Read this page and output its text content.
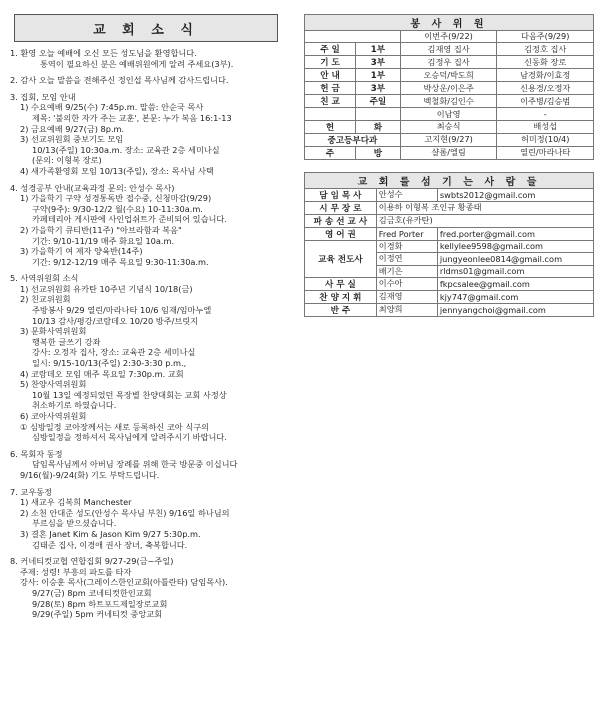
교 회 소 식
1. 환영 오늘 예배에 오신 모든 성도님을 환영합니다.
통역이 필요하신 분은 예배위원에게 알려 주세요(3부).
2. 감사 오늘 말씀을 전해주신 정인섭 목사님께 감사드립니다.
3. 집회, 모임 안내
1) 수요예배 9/25(수) 7:45p.m. 말씀: 안순국 목사
제목: '불의한 자가 주는 교훈', 본문: 누가 복음 16:1-13
2) 금요예배 9/27(금) 8p.m.
3) 선교위원회 중보기도 모임
10/13(주일) 10:30a.m. 장소: 교육관 2층 세미나실
(문의: 이형복 장로)
4) 새가족환영회 모임 10/13(주일), 장소: 목사님 사택
4. 성경공부 안내(교육과정 문의: 안성수 목사)
1) 가을학기 구약 성경통독반 접수중, 신청마감(9/29)
구약(9주): 9/30-12/2 월(수요) 10-11:30a.m.
카페테리아 게시판에 사인업쉬트가 준비되어 있습니다.
2) 가을학기 큐티반(11주) "아브라함과 복음"
기간: 9/10-11/19 매주 화요일 10a.m.
3) 가을학기 여 제자 양육반(14주)
기간: 9/12-12/19 매주 목요일 9:30-11:30a.m.
5. 사역위원회 소식
1) 선교위원회 유카탄 10주년 기념식 10/18(금)
2) 친교위원회
주방봉사 9/29 열린/마라나타 10/6 임재/임마누엘
10/13 감사/평강/코람데오 10/20 방주/브릿지
3) 문화사역위원회
행복한 글쓰기 강좌
강사: 오정자 집사, 장소: 교육관 2층 세미나실
일시: 9/15-10/13(주일) 2:30-3:30 p.m.,
4) 코람데오 모임 매주 목요일 7:30p.m. 교회
5) 찬양사역위원회
10월 13일 예정되었던 목장별 찬양대회는 교회 사정상
취소하기로 하였습니다.
6) 코아사역위원회
① 심방일정 코아장께서는 새로 등록하신 코아 식구의
심방일정을 정하셔서 목사님에게 알려주시기 바랍니다.
6. 목회자 동정
담임목사님께서 아버님 장례를 위해 한국 방문중 이십니다
9/16(월)-9/24(화) 기도 부탁드립니다.
7. 교우동정
1) 새교우 김복희 Manchester
2) 소천 안대준 성도(안성수 목사님 부친) 9/16일 하나님의
부르심을 받으셨습니다.
3) 결혼 Janet Kim & Jason Kim 9/27 5:30p.m.
김태준 집사, 이경애 권사 장녀, 축복합니다.
8. 커네티컷교협 연합집회 9/27-29(금~주일)
주제: 성령! 부흥의 파도를 타자
강사: 이승훈 목사(그레이스한인교회(아틀란타) 담임목사).
9/27(금) 8pm 코네티컷한인교회
9/28(토) 8pm 하트포드제일장로교회
9/29(주일) 5pm 커네티컷 중앙교회
봉 사 위 원			
		이번주(9/22)	다음주(9/29)
주 일	1부	김재영 집사	김정호 집사
기 도	3부	김정우 집사	신동화 장로
안 내	1부	오승덕/박도희	남경화/이효정
헌 금	3부	박상운/이은주	신용경/오정자
친 교	주일	백철화/김인수	이주병/김승범
		이남영	-
헌	화	최승식	배성섭
중고등부다과		고지현(9/27)	허미정(10/4)
주	방	샬롬/엘림	열린/마라나타
교 회 를 섬 기 는 사 람 들		
담 임 목 사	안성수	swbts2012@gmail.com
시 무 장 로	이용하 이형복 조인규 황종태	
파 송 선 교 사	김금호(유카탄)	
영 어 권	Fred Porter	fred.porter@gmail.com
교육 전도사	이경화	kellylee9598@gmail.com
	이정연	jungyeonlee0814@gmail.com
	배기은	rldms01@gmail.com
사 무 실	이수아	fkpcsalee@gmail.com
찬 양 지 휘	김재영	kjy747@gmail.com
반 주	최양희	jennyangchoi@gmail.com
